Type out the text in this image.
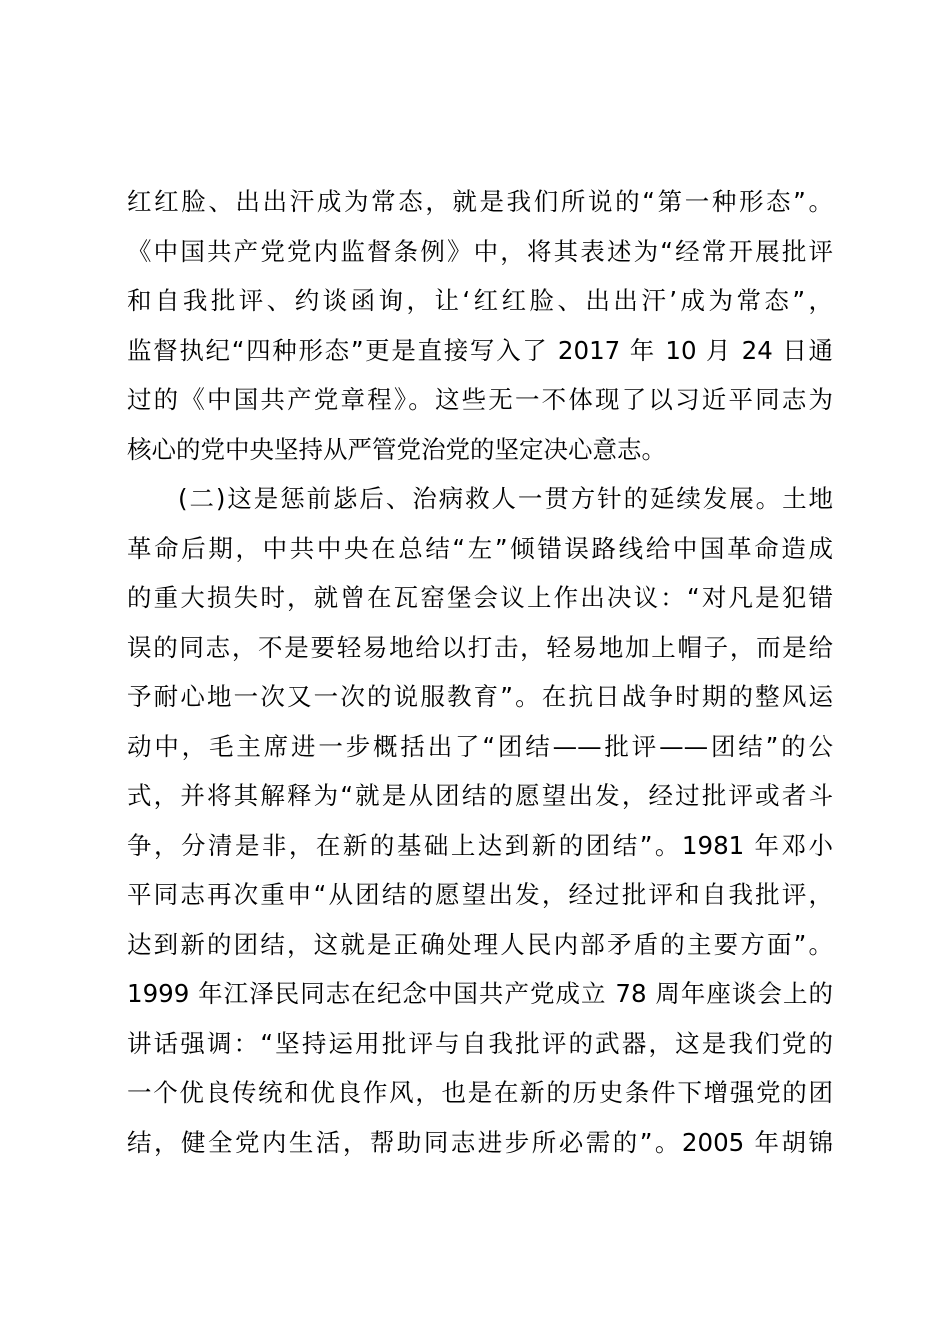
红红脸、出出汗成为常态，就是我们所说的“第一种形态”。
《中国共产党党内监督条例》中，将其表述为“经常开展批评
和自我批评、约谈函询，让‘红红脸、出出汗’成为常态”，
监督执纪“四种形态”更是直接写入了 2017 年 10 月 24 日通
过的《中国共产党章程》。这些无一不体现了以习近平同志为
核心的党中央坚持从严管党治党的坚定决心意志。
(二)这是惩前毖后、治病救人一贯方针的延续发展。土地
革命后期，中共中央在总结“左”倾错误路线给中国革命造成
的重大损失时，就曾在瓦窑堡会议上作出决议：“对凡是犯错
误的同志，不是要轻易地给以打击，轻易地加上帽子，而是给
予耐心地一次又一次的说服教育”。在抗日战争时期的整风运
动中，毛主席进一步概括出了“团结——批评——团结”的公
式，并将其解释为“就是从团结的愿望出发，经过批评或者斗
争，分清是非，在新的基础上达到新的团结”。1981 年邓小
平同志再次重申“从团结的愿望出发，经过批评和自我批评，
达到新的团结，这就是正确处理人民内部矛盾的主要方面”。
1999 年江泽民同志在纪念中国共产党成立 78 周年座谈会上的
讲话强调：“坚持运用批评与自我批评的武器，这是我们党的
一个优良传统和优良作风，也是在新的历史条件下增强党的团
结，健全党内生活，帮助同志进步所必需的”。2005 年胡锦
